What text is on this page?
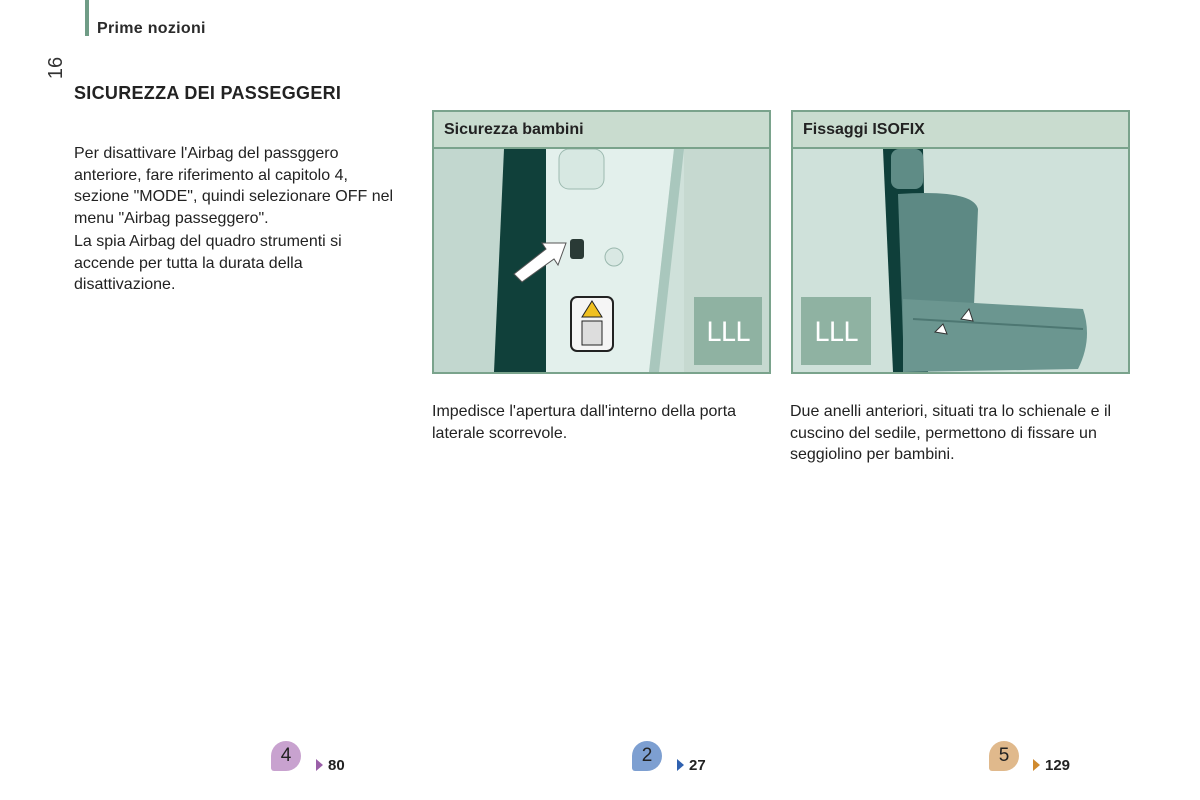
Prime nozioni
16
SICUREZZA DEI PASSEGGERI

Per disattivare l'Airbag del passggero anteriore, fare riferimento al capitolo 4, sezione "MODE", quindi selezionare OFF nel menu "Airbag passeggero".

La spia Airbag del quadro strumenti si accende per tutta la durata della disattivazione.

Sicurezza bambini
ᒪᒪᒪ
Fissaggi ISOFIX
ᒪᒪᒪ
Impedisce l'apertura dall'interno della porta laterale scorrevole.
Due anelli anteriori, situati tra lo schienale e il cuscino del sedile, permettono di fissare un seggiolino per bambini.
4	80	2	27	5	129
